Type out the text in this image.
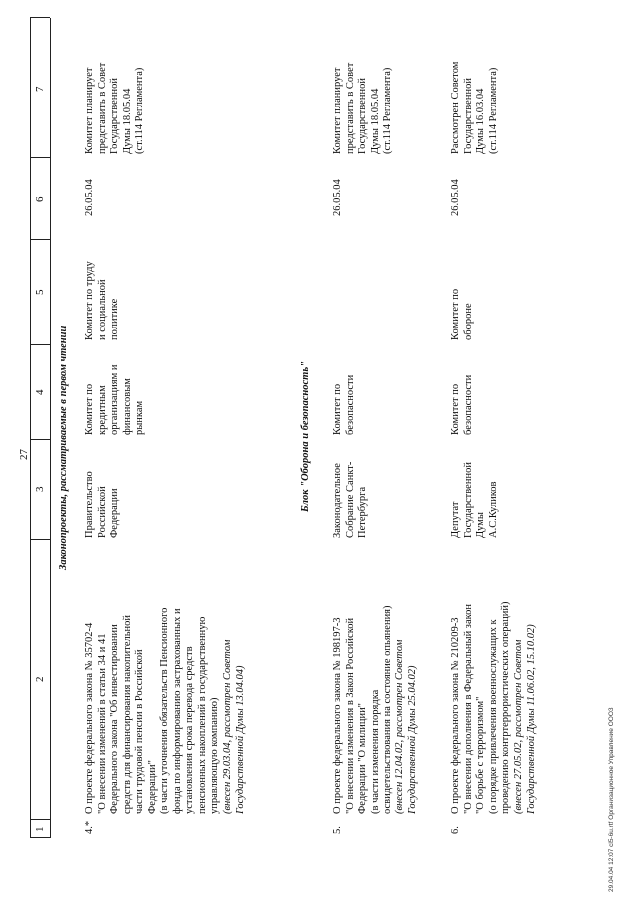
27
1
2
3
4
5
6
7
Законопроекты, рассматриваемые в первом чтении
4.*
О проекте федерального закона № 35702-4
"О внесении изменений в статьи 34 и 41
Федерального закона "Об инвестировании
средств для финансирования накопительной
части трудовой пенсии в Российской
Федерации"
(в части уточнения обязательств Пенсионного
фонда по информированию застрахованных и
установления срока перевода средств
пенсионных накоплений в государственную
управляющую компанию)
(внесен 29.03.04, рассмотрен Советом
Государственной Думы 13.04.04)
Правительство
Российской
Федерации
Комитет по
кредитным
организациям и
финансовым
рынкам
Комитет по труду
и социальной
политике
26.05.04
Комитет планирует
представить в Совет
Государственной
Думы 18.05.04
(ст.114 Регламента)
Блок "Оборона и безопасность"
5.
О проекте федерального закона № 198197-3
"О внесении изменения в Закон Российской
Федерации "О милиции"
(в части изменения порядка
освидетельствования на состояние опьянения)
(внесен 12.04.02, рассмотрен Советом
Государственной Думы 25.04.02)
Законодательное
Собрание Санкт-
Петербурга
Комитет по
безопасности
26.05.04
Комитет планирует
представить в Совет
Государственной
Думы 18.05.04
(ст.114 Регламента)
6.
О проекте федерального закона № 210209-3
"О внесении дополнения в Федеральный закон
"О борьбе с терроризмом"
(о порядке привлечения военнослужащих к
проведению контртеррористических операций)
(внесен 27.05.02, рассмотрен Советом
Государственной Думы 11.06.02, 15.10.02)
Депутат
Государственной
Думы
А.С.Куликов
Комитет по
безопасности
Комитет по
обороне
26.05.04
Рассмотрен Советом
Государственной
Думы 16.03.04
(ст.114 Регламента)
29.04.04 12:07 cl5-6u.rtf Организационное Управление ООО3
